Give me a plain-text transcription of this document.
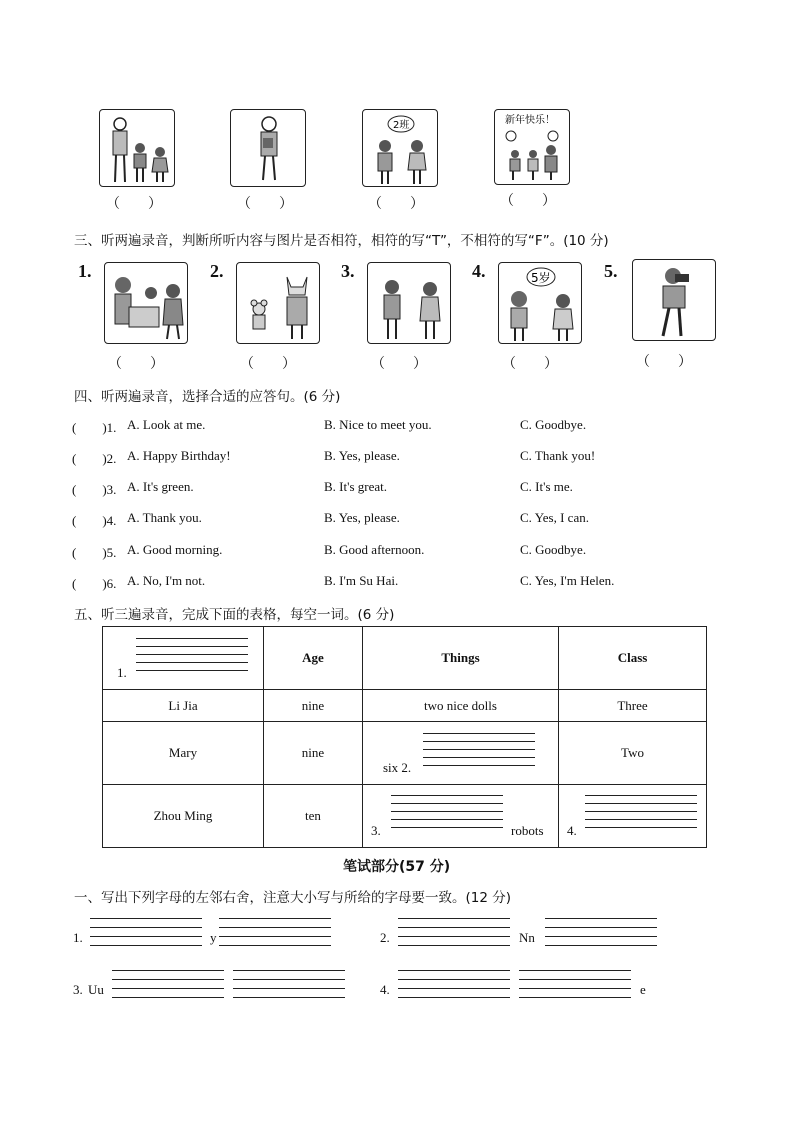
（　　）	（　　）
2班
（　　）
新年快乐！
（　　）
三、听两遍录音，判断所听内容与图片是否相符，相符的写“T”，不相符的写“F”。(10 分)
1.
（　　）
2.
（　　）
3.
（　　）
4.	5岁
（　　）
5.
（　　）
四、听两遍录音，选择合适的应答句。(6 分)
(　　)1. A. Look at me.	B. Nice to meet you.	C. Goodbye.
(　　)2. A. Happy Birthday!	B. Yes, please.	C. Thank you!
(　　)3. A. It's green.	B. It's great.	C. It's me.
(　　)4. A. Thank you.	B. Yes, please.	C. Yes, I can.
(　　)5. A. Good morning.	B. Good afternoon.	C. Goodbye.
(　　)6. A. No, I'm not.	B. I'm Su Hai.	C. Yes, I'm Helen.
五、听三遍录音，完成下面的表格，每空一词。(6 分)
1.	Age	Things	Class
Li Jia	nine	two nice dolls	Three
Mary	nine	six 2.	Two
Zhou Ming	ten	3. robots	4.
笔试部分(57 分)
一、写出下列字母的左邻右舍，注意大小写与所给的字母要一致。(12 分)
1.	y	2.	Nn
3. Uu	4.	e
